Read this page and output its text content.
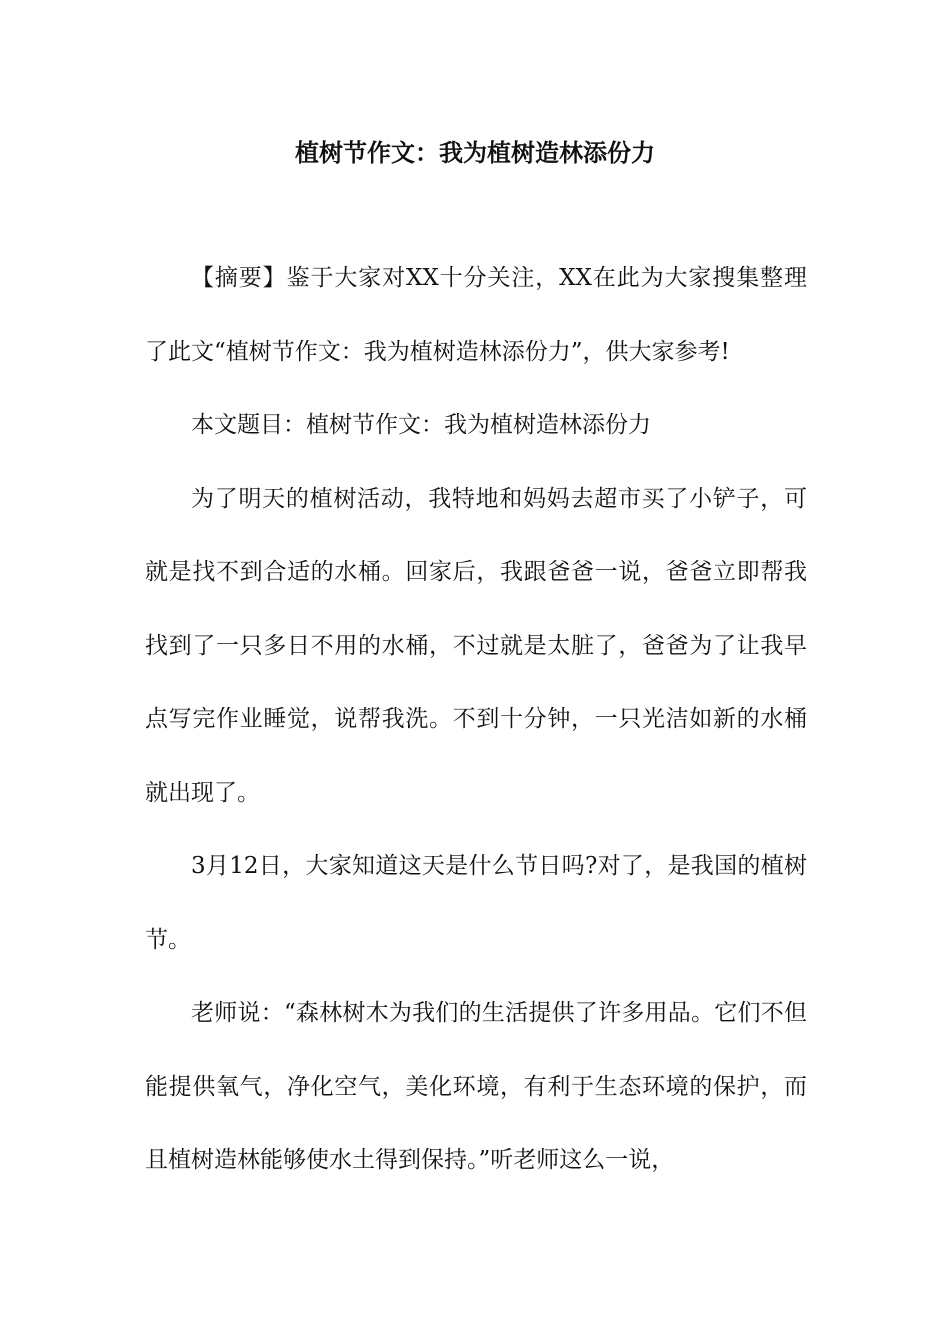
植树节作文：我为植树造林添份力

【摘要】鉴于大家对XX十分关注，XX在此为大家搜集整理了此文“植树节作文：我为植树造林添份力”，供大家参考!

本文题目：植树节作文：我为植树造林添份力

为了明天的植树活动，我特地和妈妈去超市买了小铲子，可就是找不到合适的水桶。回家后，我跟爸爸一说，爸爸立即帮我找到了一只多日不用的水桶，不过就是太脏了，爸爸为了让我早点写完作业睡觉，说帮我洗。不到十分钟，一只光洁如新的水桶就出现了。

3月12日，大家知道这天是什么节日吗?对了，是我国的植树节。

老师说：“森林树木为我们的生活提供了许多用品。它们不但能提供氧气，净化空气，美化环境，有利于生态环境的保护，而且植树造林能够使水土得到保持。”听老师这么一说，
